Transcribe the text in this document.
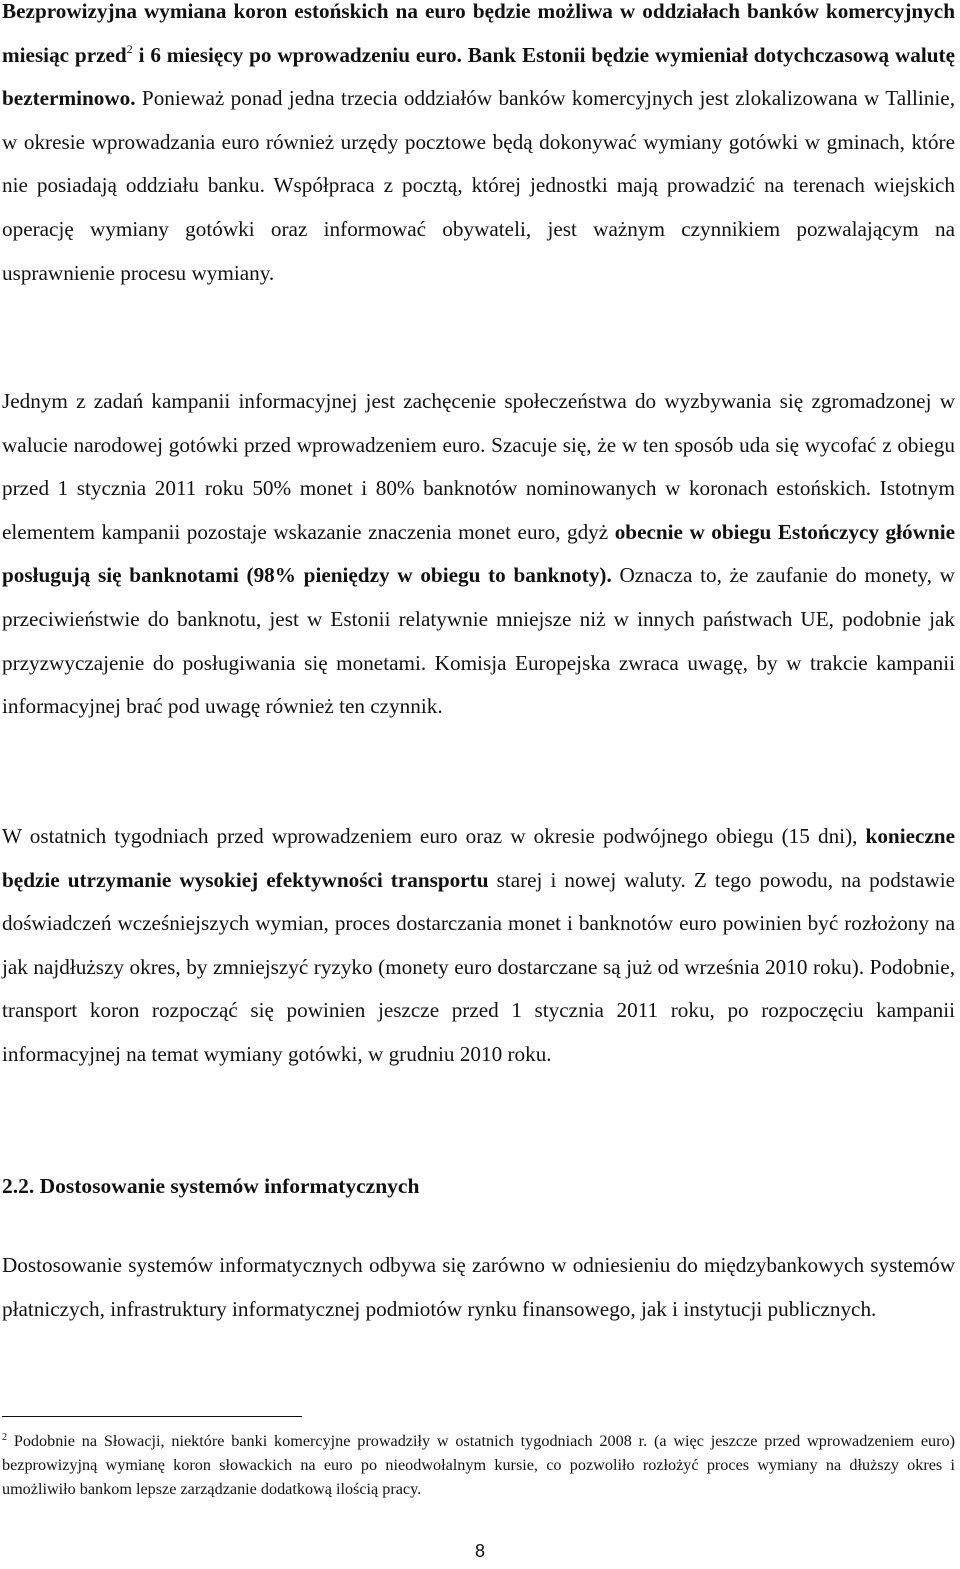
Bezprowizyjna wymiana koron estońskich na euro będzie możliwa w oddziałach banków komercyjnych miesiąc przed$^2$ i 6 miesięcy po wprowadzeniu euro. Bank Estonii będzie wymieniał dotychczasową walutę bezterminowo. Ponieważ ponad jedna trzecia oddziałów banków komercyjnych jest zlokalizowana w Tallinie, w okresie wprowadzania euro również urzędy pocztowe będą dokonywać wymiany gotówki w gminach, które nie posiadają oddziału banku. Współpraca z pocztą, której jednostki mają prowadzić na terenach wiejskich operację wymiany gotówki oraz informować obywateli, jest ważnym czynnikiem pozwalającym na usprawnienie procesu wymiany.

Jednym z zadań kampanii informacyjnej jest zachęcenie społeczeństwa do wyzbywania się zgromadzonej w walucie narodowej gotówki przed wprowadzeniem euro. Szacuje się, że w ten sposób uda się wycofać z obiegu przed 1 stycznia 2011 roku 50% monet i 80% banknotów nominowanych w koronach estońskich. Istotnym elementem kampanii pozostaje wskazanie znaczenia monet euro, gdyż obecnie w obiegu Estończycy głównie posługują się banknotami (98% pieniędzy w obiegu to banknoty). Oznacza to, że zaufanie do monety, w przeciwieństwie do banknotu, jest w Estonii relatywnie mniejsze niż w innych państwach UE, podobnie jak przyzwyczajenie do posługiwania się monetami. Komisja Europejska zwraca uwagę, by w trakcie kampanii informacyjnej brać pod uwagę również ten czynnik.

W ostatnich tygodniach przed wprowadzeniem euro oraz w okresie podwójnego obiegu (15 dni), konieczne będzie utrzymanie wysokiej efektywności transportu starej i nowej waluty. Z tego powodu, na podstawie doświadczeń wcześniejszych wymian, proces dostarczania monet i banknotów euro powinien być rozłożony na jak najdłuższy okres, by zmniejszyć ryzyko (monety euro dostarczane są już od września 2010 roku). Podobnie, transport koron rozpocząć się powinien jeszcze przed 1 stycznia 2011 roku, po rozpoczęciu kampanii informacyjnej na temat wymiany gotówki, w grudniu 2010 roku.

2.2. Dostosowanie systemów informatycznych

Dostosowanie systemów informatycznych odbywa się zarówno w odniesieniu do międzybankowych systemów płatniczych, infrastruktury informatycznej podmiotów rynku finansowego, jak i instytucji publicznych.

$^2$ Podobnie na Słowacji, niektóre banki komercyjne prowadziły w ostatnich tygodniach 2008 r. (a więc jeszcze przed wprowadzeniem euro) bezprowizyjną wymianę koron słowackich na euro po nieodwołalnym kursie, co pozwoliło rozłożyć proces wymiany na dłuższy okres i umożliwiło bankom lepsze zarządzanie dodatkową ilością pracy.

8
